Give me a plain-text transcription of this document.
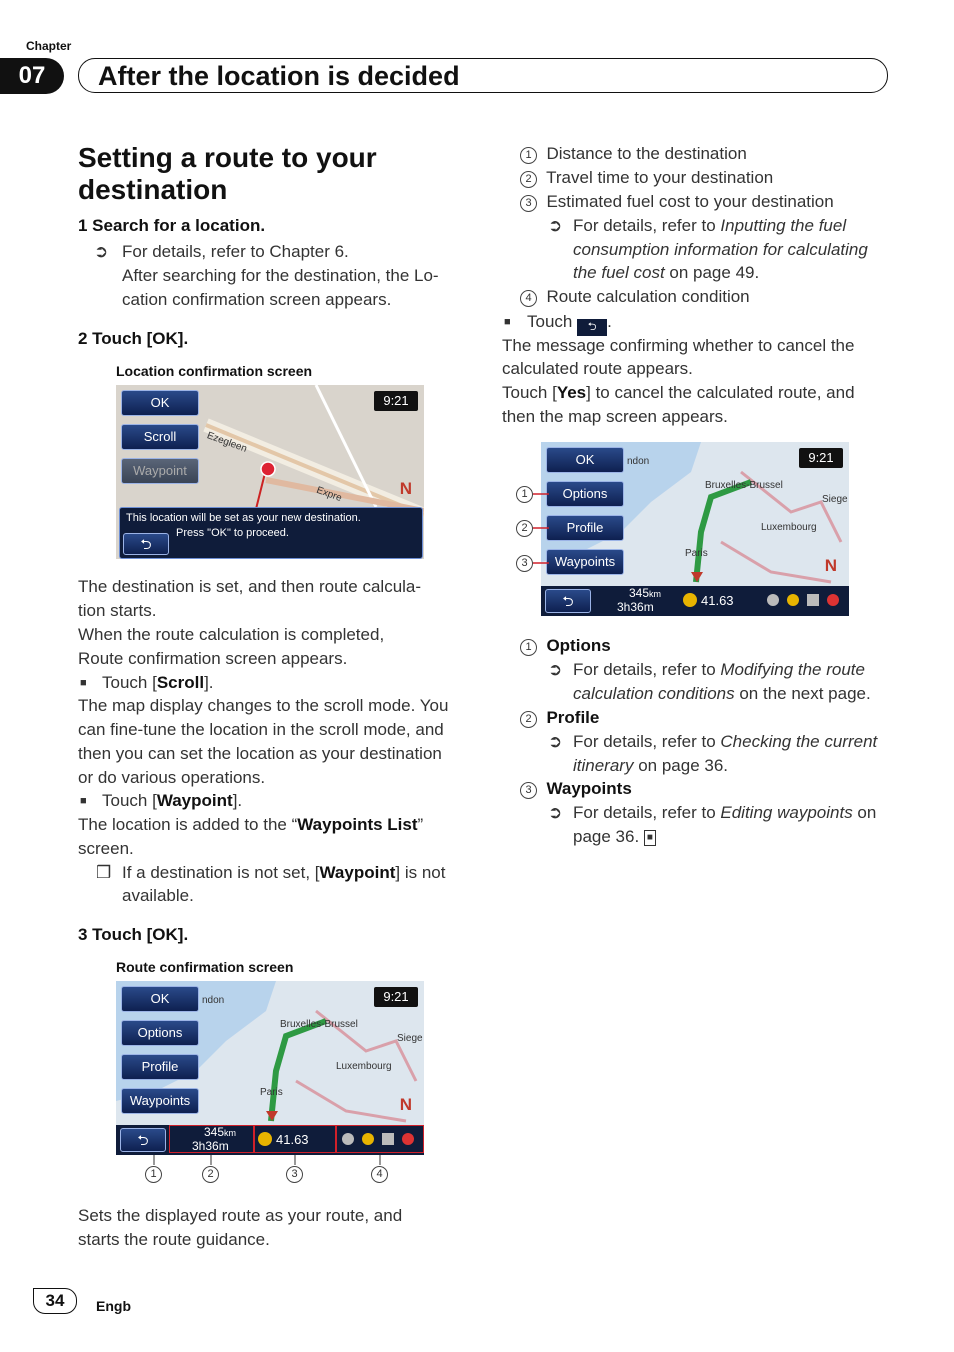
Chapter
07	After the location is decided
Setting a route to your
destination
1 Search for a location.
➲ For details, refer to Chapter 6.
After searching for the destination, the Lo-
cation confirmation screen appears.
2 Touch [OK].
Location confirmation screen
OK
Scroll
Waypoint
9:21
Ezegleen
Expre	N
This location will be set as your new destination.
Press "OK" to proceed.
⮌
The destination is set, and then route calcula-
tion starts.
When the route calculation is completed,
Route confirmation screen appears.
■ Touch [Scroll].
The map display changes to the scroll mode. You
can fine-tune the location in the scroll mode, and
then you can set the location as your destination
or do various operations.
■ Touch [Waypoint].
The location is added to the “Waypoints List”
screen.
❒ If a destination is not set, [Waypoint] is not
available.
3 Touch [OK].
Route confirmation screen
OK
Options
Profile
Waypoints
9:21
ndon
Bruxelles-Brussel
Luxembourg
Paris
Siege
N
⮌	345km
3h36m	41.63
1	2	3	4
Sets the displayed route as your route, and
starts the route guidance.
1 Distance to the destination
2 Travel time to your destination
3 Estimated fuel cost to your destination
➲ For details, refer to Inputting the fuel
consumption information for calculating
the fuel cost on page 49.
4 Route calculation condition
■ Touch ⮌ .
The message confirming whether to cancel the
calculated route appears.
Touch [Yes] to cancel the calculated route, and
then the map screen appears.
OK
Options
Profile
Waypoints
9:21
ndon
Bruxelles-Brussel
Luxembourg
Paris
Siege
N
⮌	345km
3h36m	41.63
1
2
3
1 Options
➲ For details, refer to Modifying the route
calculation conditions on the next page.
2 Profile
➲ For details, refer to Checking the current
itinerary on page 36.
3 Waypoints
➲ For details, refer to Editing waypoints on
page 36. ■
34	Engb
